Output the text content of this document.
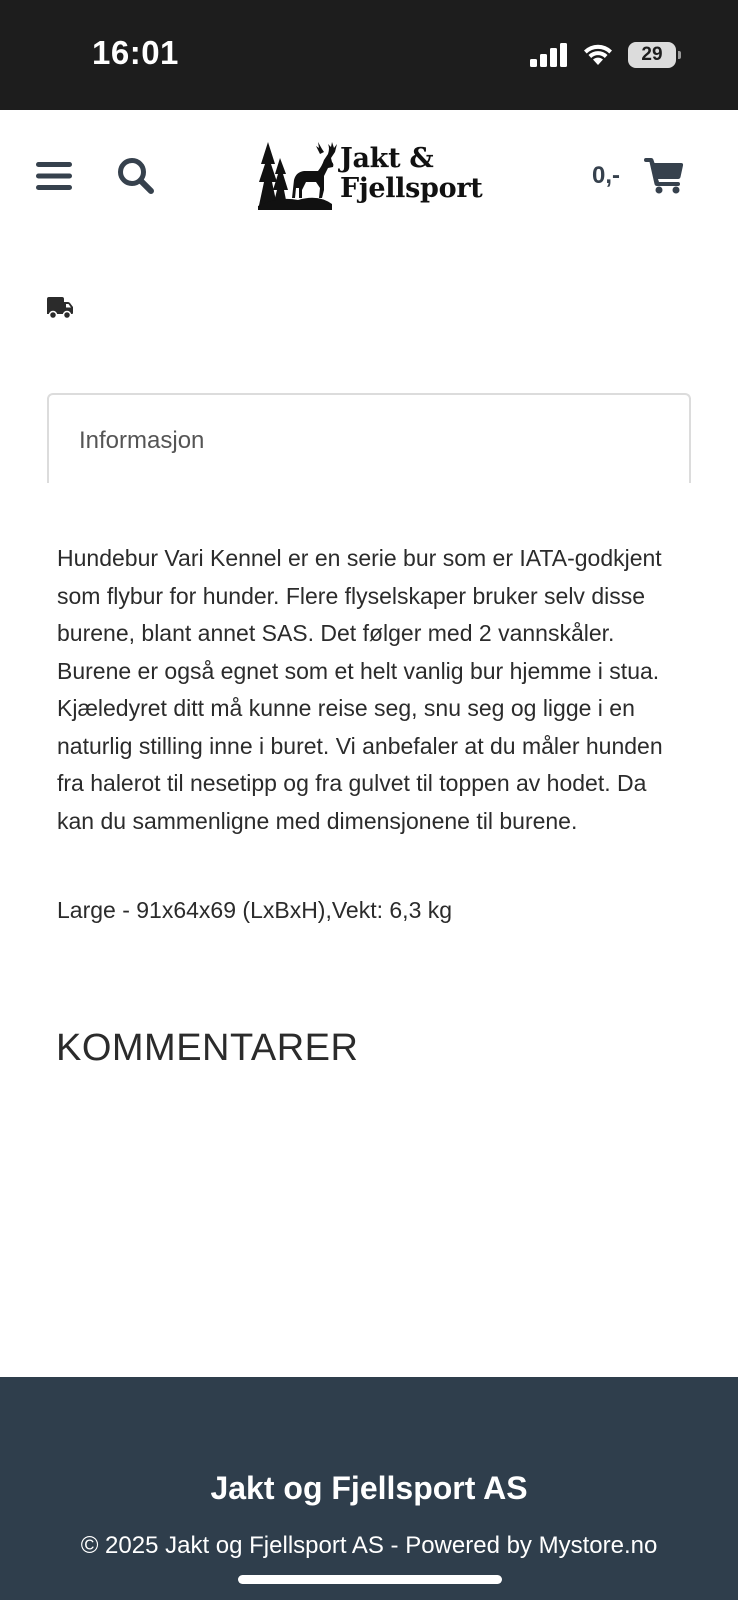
16:01	29
Jakt &
Fjellsport	0,-
Informasjon

Hundebur Vari Kennel er en serie bur som er IATA-godkjent som flybur for hunder. Flere flyselskaper bruker selv disse burene, blant annet SAS. Det følger med 2 vannskåler. Burene er også egnet som et helt vanlig bur hjemme i stua. Kjæledyret ditt må kunne reise seg, snu seg og ligge i en naturlig stilling inne i buret. Vi anbefaler at du måler hunden fra halerot til nesetipp og fra gulvet til toppen av hodet. Da kan du sammenligne med dimensjonene til burene.

Large - 91x64x69 (LxBxH),Vekt: 6,3 kg

KOMMENTARER
Jakt og Fjellsport AS
© 2025 Jakt og Fjellsport AS - Powered by Mystore.no
